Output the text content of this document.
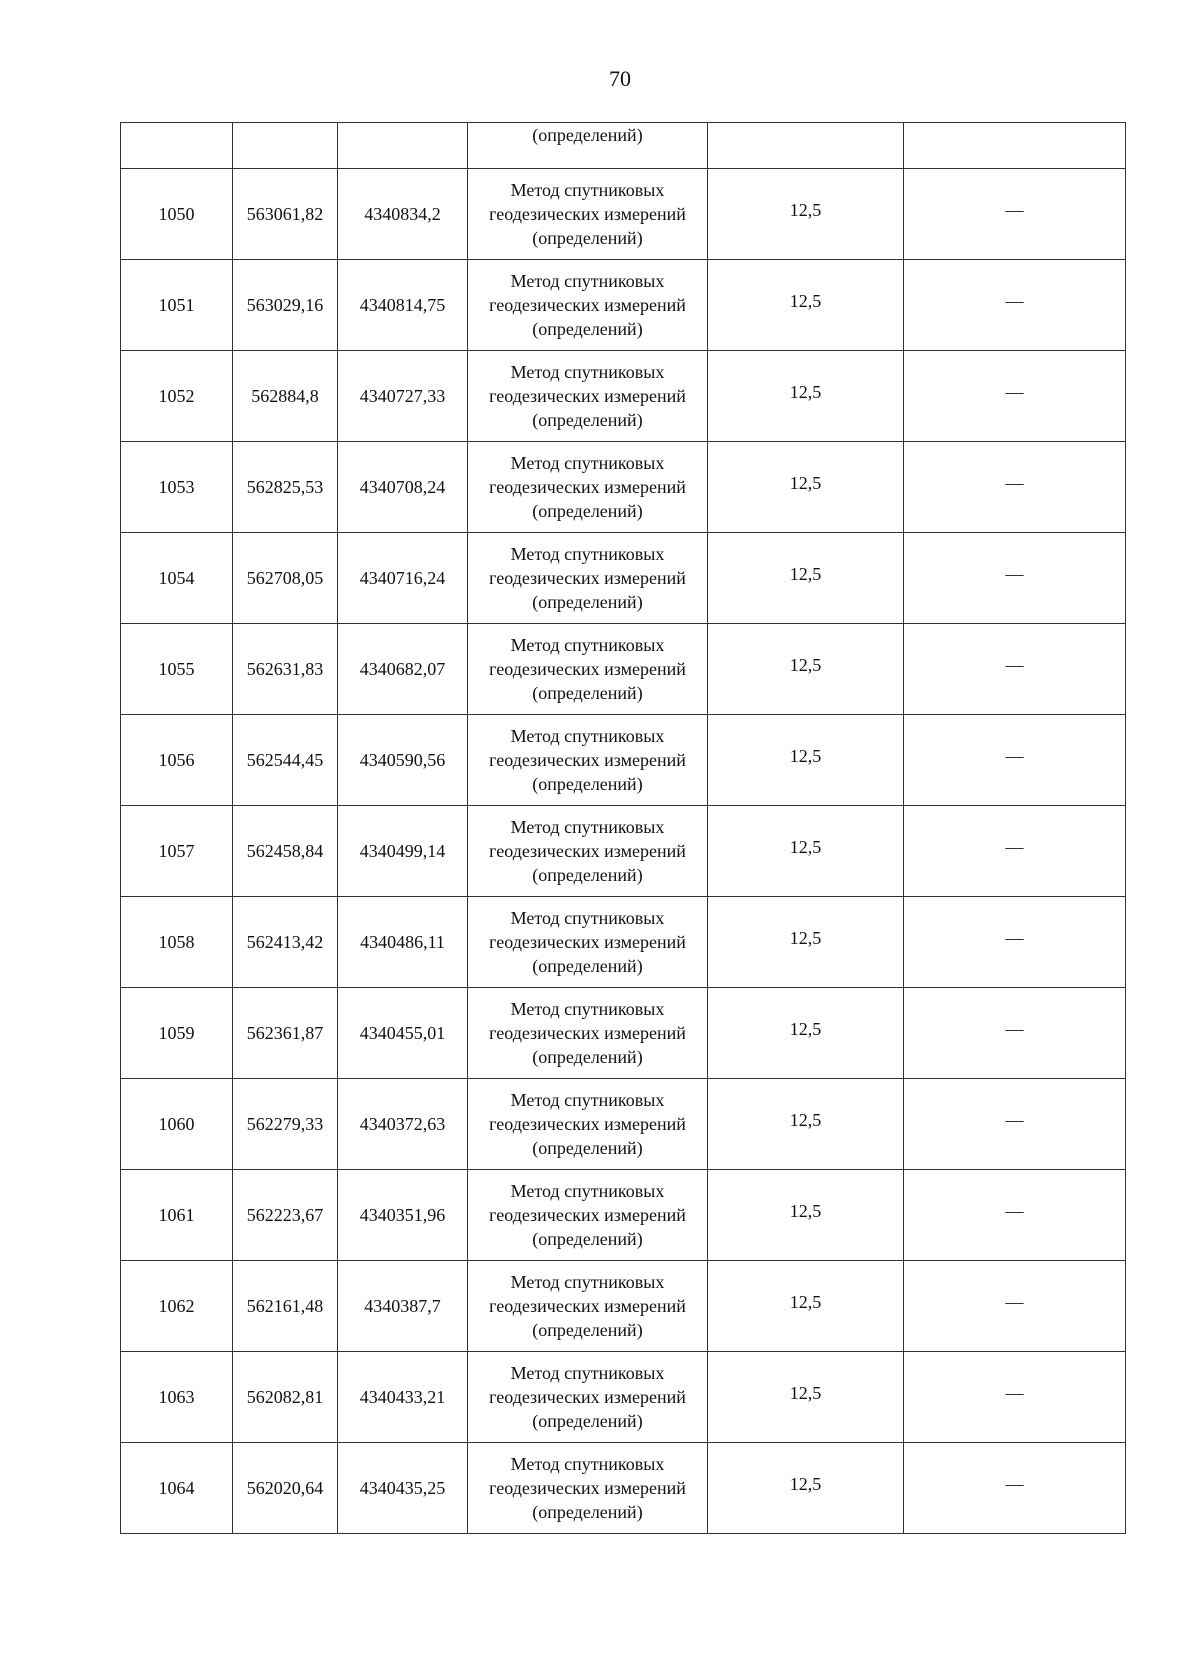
70
			(определений)		
1050	563061,82	4340834,2	Метод спутниковых
геодезических измерений
(определений)	12,5	—
1051	563029,16	4340814,75	Метод спутниковых
геодезических измерений
(определений)	12,5	—
1052	562884,8	4340727,33	Метод спутниковых
геодезических измерений
(определений)	12,5	—
1053	562825,53	4340708,24	Метод спутниковых
геодезических измерений
(определений)	12,5	—
1054	562708,05	4340716,24	Метод спутниковых
геодезических измерений
(определений)	12,5	—
1055	562631,83	4340682,07	Метод спутниковых
геодезических измерений
(определений)	12,5	—
1056	562544,45	4340590,56	Метод спутниковых
геодезических измерений
(определений)	12,5	—
1057	562458,84	4340499,14	Метод спутниковых
геодезических измерений
(определений)	12,5	—
1058	562413,42	4340486,11	Метод спутниковых
геодезических измерений
(определений)	12,5	—
1059	562361,87	4340455,01	Метод спутниковых
геодезических измерений
(определений)	12,5	—
1060	562279,33	4340372,63	Метод спутниковых
геодезических измерений
(определений)	12,5	—
1061	562223,67	4340351,96	Метод спутниковых
геодезических измерений
(определений)	12,5	—
1062	562161,48	4340387,7	Метод спутниковых
геодезических измерений
(определений)	12,5	—
1063	562082,81	4340433,21	Метод спутниковых
геодезических измерений
(определений)	12,5	—
1064	562020,64	4340435,25	Метод спутниковых
геодезических измерений
(определений)	12,5	—
